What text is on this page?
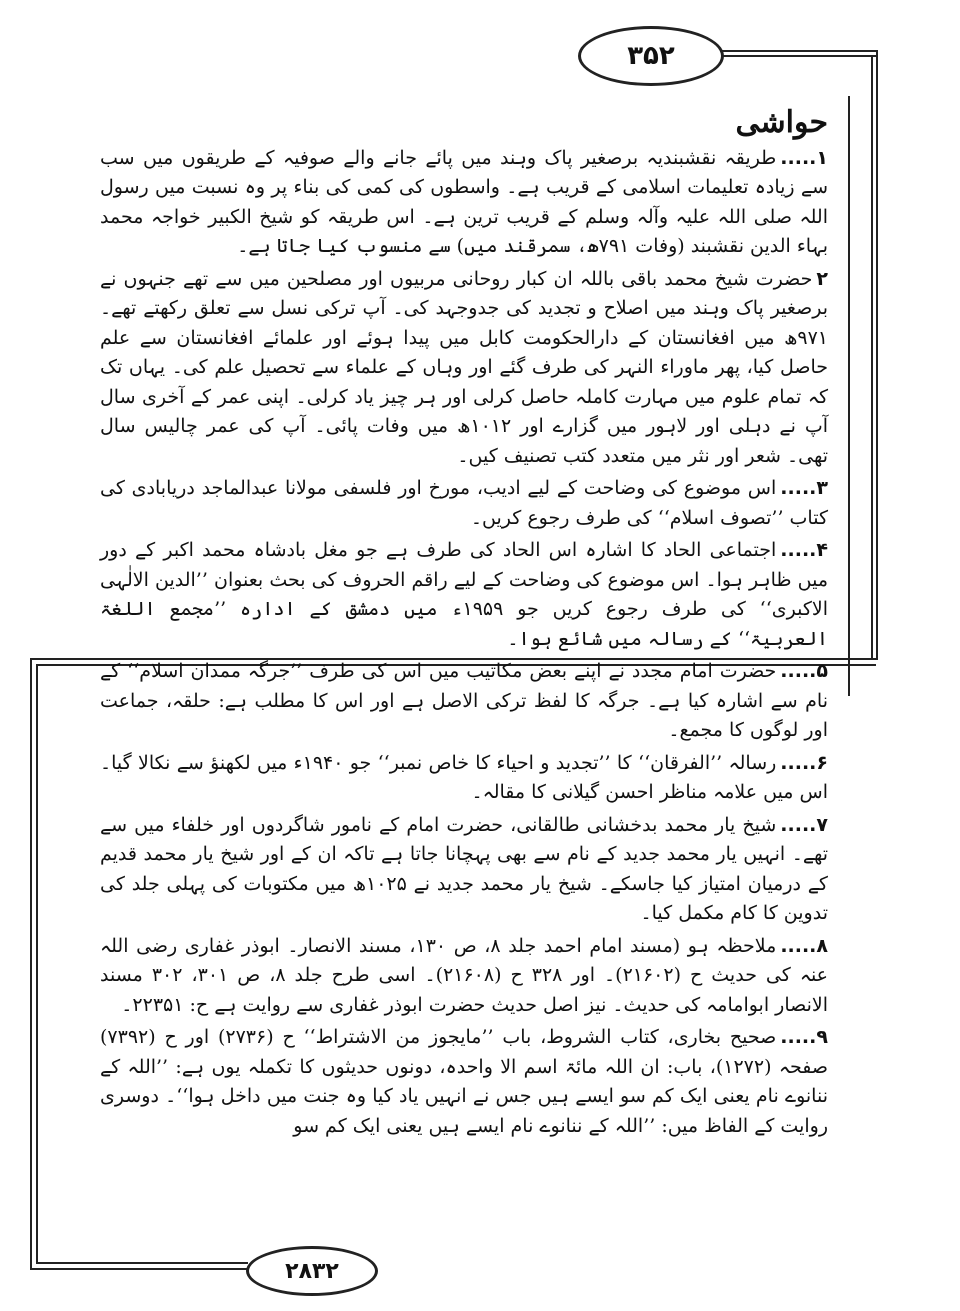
۳۵۲
۲۸۳۲
حواشی

۱.....طریقہ نقشبندیہ برصغیر پاک وہند میں پائے جانے والے صوفیہ کے طریقوں میں سب سے زیادہ تعلیمات اسلامی کے قریب ہے۔ واسطوں کی کمی کی بناء پر وہ نسبت میں رسول اللہ صلی اللہ علیہ وآلہ وسلم کے قریب ترین ہے۔ اس طریقہ کو شیخ الکبیر خواجہ محمد بہاء الدین نقشبند (وفات ۷۹۱ھ، سمرقند میں) سے منسوب کیا جاتا ہے۔

۲حضرت شیخ محمد باقی باللہ ان کبار روحانی مربیوں اور مصلحین میں سے تھے جنہوں نے برصغیر پاک وہند میں اصلاح و تجدید کی جدوجہد کی۔ آپ ترکی نسل سے تعلق رکھتے تھے۔ ۹۷۱ھ میں افغانستان کے دارالحکومت کابل میں پیدا ہوئے اور علمائے افغانستان سے علم حاصل کیا، پھر ماوراء النہر کی طرف گئے اور وہاں کے علماء سے تحصیل علم کی۔ یہاں تک کہ تمام علوم میں مہارت کاملہ حاصل کرلی اور ہر چیز یاد کرلی۔ اپنی عمر کے آخری سال آپ نے دہلی اور لاہور میں گزارے اور ۱۰۱۲ھ میں وفات پائی۔ آپ کی عمر چالیس سال تھی۔ شعر اور نثر میں متعدد کتب تصنیف کیں۔

۳.....اس موضوع کی وضاحت کے لیے ادیب، مورخ اور فلسفی مولانا عبدالماجد دریابادی کی کتاب ’’تصوف اسلام‘‘ کی طرف رجوع کریں۔

۴.....اجتماعی الحاد کا اشارہ اس الحاد کی طرف ہے جو مغل بادشاہ محمد اکبر کے دور میں ظاہر ہوا۔ اس موضوع کی وضاحت کے لیے راقم الحروف کی بحث بعنوان ’’الدین الالٰہی الاکبری‘‘ کی طرف رجوع کریں جو ۱۹۵۹ء میں دمشق کے ادارہ ’’مجمع اللغۃ العربیۃ‘‘ کے رسالہ میں شائع ہوا۔

۵.....حضرت امام مجدد نے اپنے بعض مکاتیب میں اس کی طرف ’’جرگہ ممدان اسلام‘‘ کے نام سے اشارہ کیا ہے۔ جرگہ کا لفظ ترکی الاصل ہے اور اس کا مطلب ہے: حلقہ، جماعت اور لوگوں کا مجمع۔

۶.....رسالہ ’’الفرقان‘‘ کا ’’تجدید و احیاء کا خاص نمبر‘‘ جو ۱۹۴۰ء میں لکھنؤ سے نکالا گیا۔ اس میں علامہ مناظر احسن گیلانی کا مقالہ۔

۷.....شیخ یار محمد بدخشانی طالقانی، حضرت امام کے نامور شاگردوں اور خلفاء میں سے تھے۔ انہیں یار محمد جدید کے نام سے بھی پہچانا جاتا ہے تاکہ ان کے اور شیخ یار محمد قدیم کے درمیان امتیاز کیا جاسکے۔ شیخ یار محمد جدید نے ۱۰۲۵ھ میں مکتوبات کی پہلی جلد کی تدوین کا کام مکمل کیا۔

۸.....ملاحظہ ہو (مسند امام احمد جلد ۸، ص ۱۳۰، مسند الانصار۔ ابوذر غفاری رضی اللہ عنہ کی حدیث ح (۲۱۶۰۲)۔ اور ۳۲۸ ح (۲۱۶۰۸)۔ اسی طرح جلد ۸، ص ۳۰۱، ۳۰۲ مسند الانصار ابوامامہ کی حدیث۔ نیز اصل حدیث حضرت ابوذر غفاری سے روایت ہے ح: ۲۲۳۵۱۔

۹.....صحیح بخاری، کتاب الشروط، باب ’’مایجوز من الاشتراط‘‘ ح (۲۷۳۶) اور ح (۷۳۹۲) صفحہ (۱۲۷۲)، باب: ان اللہ مائۃ اسم الا واحدہ، دونوں حدیثوں کا تکملہ یوں ہے: ’’اللہ کے ننانوے نام یعنی ایک کم سو ایسے ہیں جس نے انہیں یاد کیا وہ جنت میں داخل ہوا‘‘۔ دوسری روایت کے الفاظ میں: ’’اللہ کے ننانوے نام ایسے ہیں یعنی ایک کم سو
